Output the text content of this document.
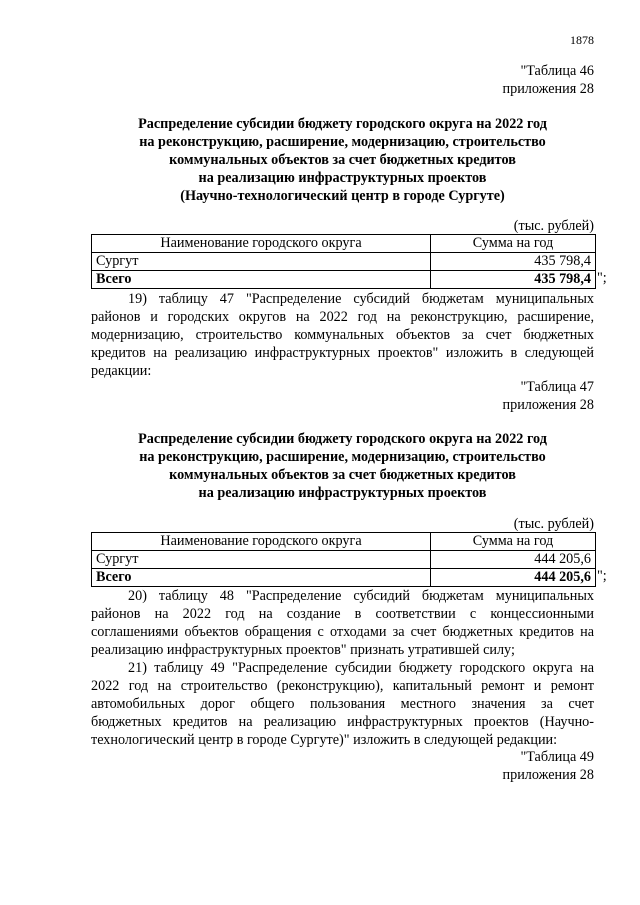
1878
"Таблица 46
приложения 28
Распределение субсидии бюджету городского округа на 2022 год
на реконструкцию, расширение, модернизацию, строительство
коммунальных объектов за счет бюджетных кредитов
на реализацию инфраструктурных проектов
(Научно-технологический центр в городе Сургуте)
(тыс. рублей)
Наименование городского округа	Сумма на год
Сургут	435 798,4
Всего	435 798,4 ";
19) таблицу 47 "Распределение субсидий бюджетам муниципальных
районов и городских округов на 2022 год на реконструкцию, расширение,
модернизацию, строительство коммунальных объектов за счет бюджетных
кредитов на реализацию инфраструктурных проектов" изложить в следующей
редакции:
"Таблица 47
приложения 28
Распределение субсидии бюджету городского округа на 2022 год
на реконструкцию, расширение, модернизацию, строительство
коммунальных объектов за счет бюджетных кредитов
на реализацию инфраструктурных проектов
(тыс. рублей)
Наименование городского округа	Сумма на год
Сургут	444 205,6
Всего	444 205,6 ";
20) таблицу 48 "Распределение субсидий бюджетам муниципальных
районов на 2022 год на создание в соответствии с концессионными
соглашениями объектов обращения с отходами за счет бюджетных кредитов на
реализацию инфраструктурных проектов" признать утратившей силу;
21) таблицу 49 "Распределение субсидии бюджету городского округа на
2022 год на строительство (реконструкцию), капитальный ремонт и ремонт
автомобильных дорог общего пользования местного значения за счет
бюджетных кредитов на реализацию инфраструктурных проектов (Научно-
технологический центр в городе Сургуте)" изложить в следующей редакции:
"Таблица 49
приложения 28
